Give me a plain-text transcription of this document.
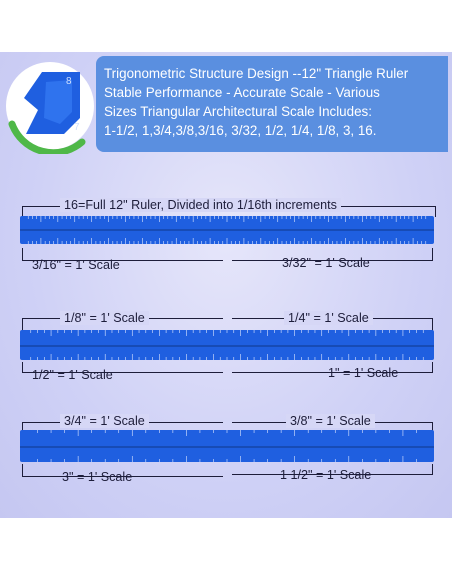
8
7
Trigonometric Structure Design --12" Triangle Ruler
Stable Performance - Accurate Scale - Various
Sizes Triangular Architectural Scale Includes:
1-1/2, 1,3/4,3/8,3/16, 3/32, 1/2, 1/4, 1/8, 3, 16.
16=Full 12" Ruler, Divided into 1/16th increments
3/16" = 1' Scale	3/32" = 1' Scale
1/8" = 1' Scale	1/4" = 1' Scale
1/2" = 1' Scale	1" = 1' Scale
3/4" = 1' Scale	3/8" = 1' Scale
3" = 1' Scale	1 1/2" = 1' Scale
